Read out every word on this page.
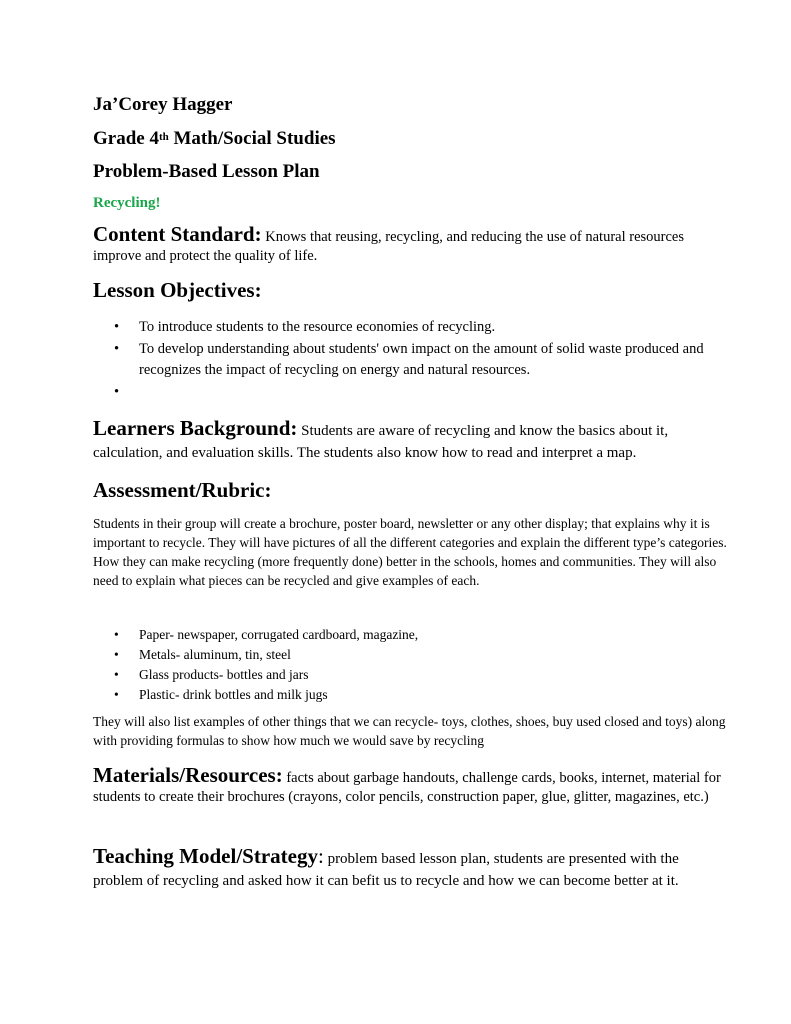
Ja’Corey Hagger
Grade 4th Math/Social Studies
Problem-Based Lesson Plan
Recycling!
Content Standard: Knows that reusing, recycling, and reducing the use of natural resources improve and protect the quality of life.
Lesson Objectives:
• To introduce students to the resource economies of recycling.
• To develop understanding about students' own impact on the amount of solid waste produced and recognizes the impact of recycling on energy and natural resources.
•
Learners Background: Students are aware of recycling and know the basics about it, calculation, and evaluation skills. The students also know how to read and interpret a map.
Assessment/Rubric:
Students in their group will create a brochure, poster board, newsletter or any other display; that explains why it is important to recycle. They will have pictures of all the different categories and explain the different type’s categories. How they can make recycling (more frequently done) better in the schools, homes and communities. They will also need to explain what pieces can be recycled and give examples of each.
• Paper- newspaper, corrugated cardboard, magazine,
• Metals- aluminum, tin, steel
• Glass products- bottles and jars
• Plastic- drink bottles and milk jugs
They will also list examples of other things that we can recycle- toys, clothes, shoes, buy used closed and toys) along with providing formulas to show how much we would save by recycling
Materials/Resources: facts about garbage handouts, challenge cards, books, internet, material for students to create their brochures (crayons, color pencils, construction paper, glue, glitter, magazines, etc.)
Teaching Model/Strategy: problem based lesson plan, students are presented with the problem of recycling and asked how it can befit us to recycle and how we can become better at it.
